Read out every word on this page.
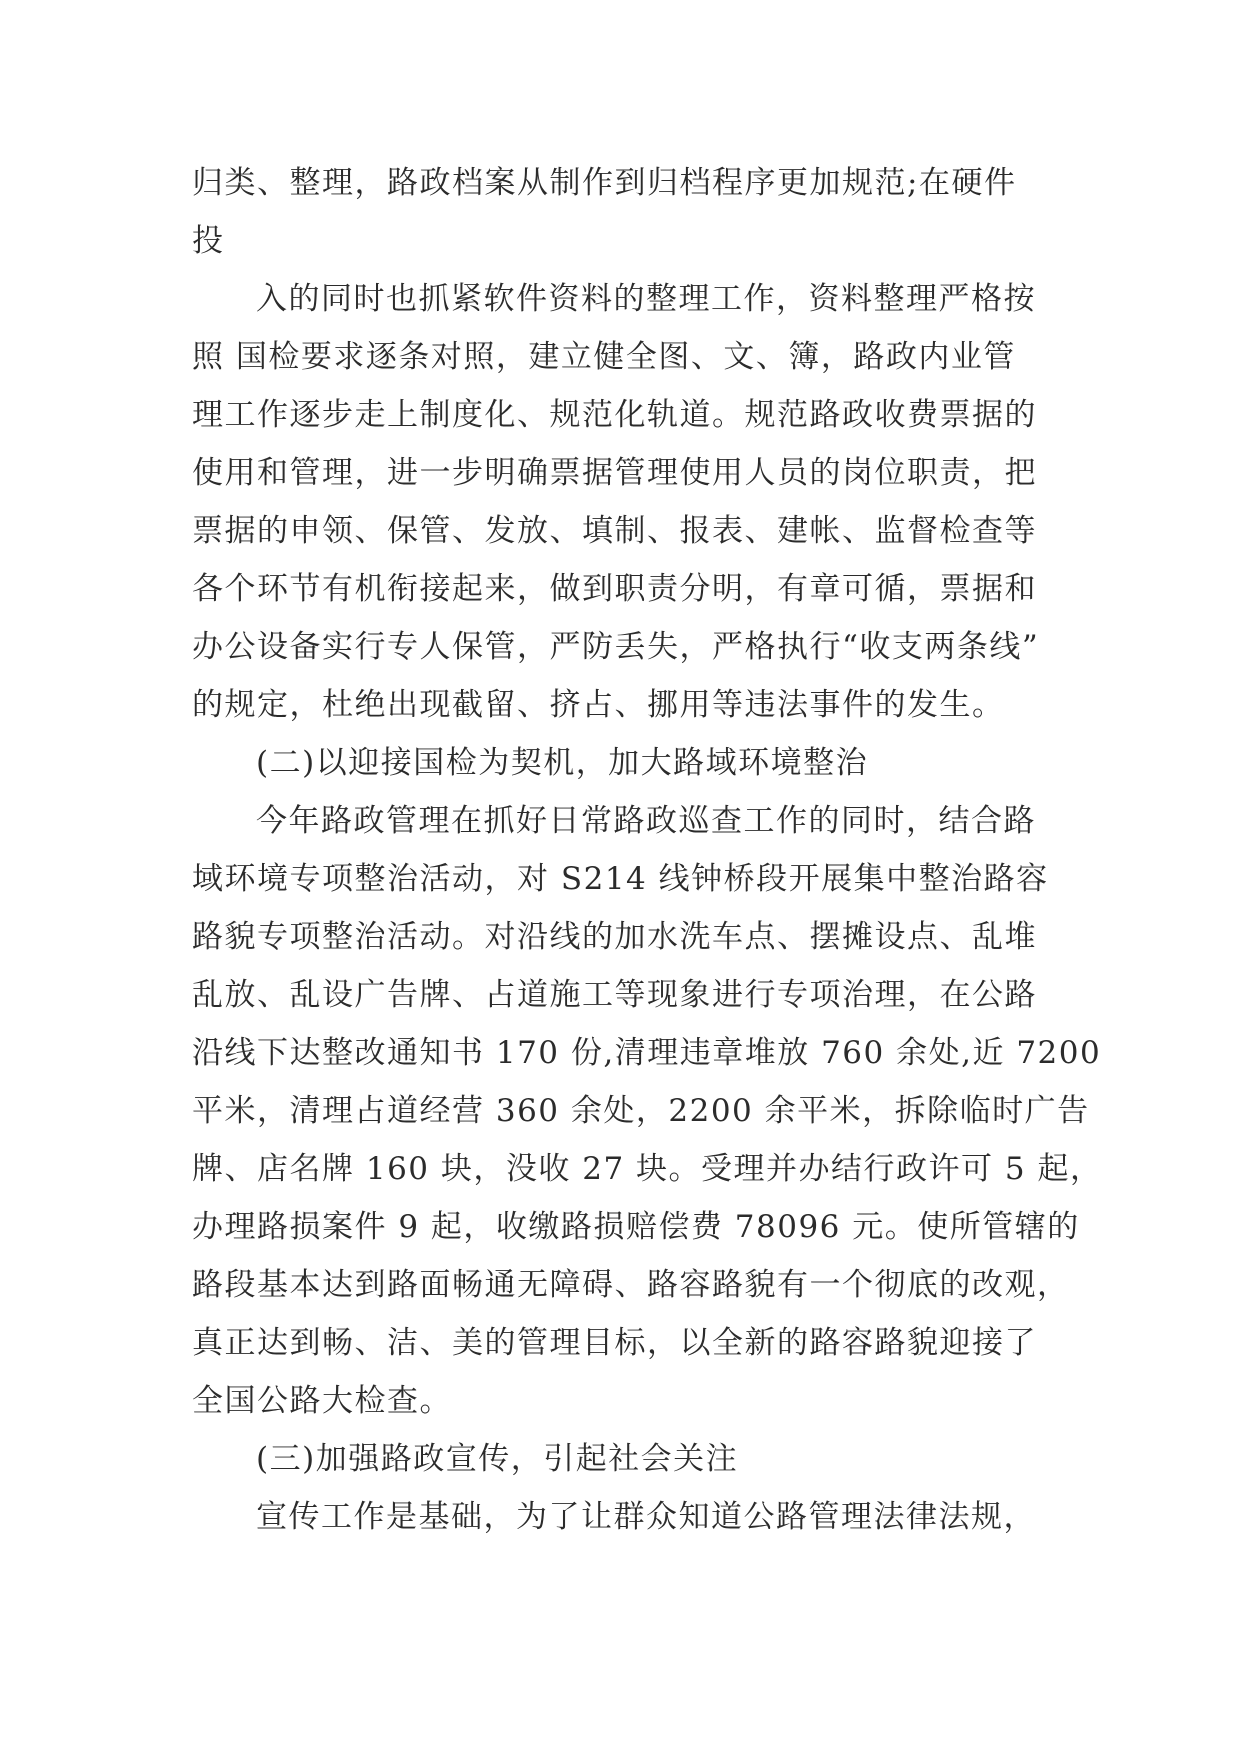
归类、整理，路政档案从制作到归档程序更加规范;在硬件
投
入的同时也抓紧软件资料的整理工作，资料整理严格按
照 国检要求逐条对照，建立健全图、文、簿，路政内业管
理工作逐步走上制度化、规范化轨道。规范路政收费票据的
使用和管理，进一步明确票据管理使用人员的岗位职责，把
票据的申领、保管、发放、填制、报表、建帐、监督检查等
各个环节有机衔接起来，做到职责分明，有章可循，票据和
办公设备实行专人保管，严防丢失，严格执行“收支两条线”
的规定，杜绝出现截留、挤占、挪用等违法事件的发生。
(二)以迎接国检为契机，加大路域环境整治
今年路政管理在抓好日常路政巡查工作的同时，结合路
域环境专项整治活动，对 S214 线钟桥段开展集中整治路容
路貌专项整治活动。对沿线的加水洗车点、摆摊设点、乱堆
乱放、乱设广告牌、占道施工等现象进行专项治理，在公路
沿线下达整改通知书 170 份,清理违章堆放 760 余处,近 7200
平米，清理占道经营 360 余处，2200 余平米，拆除临时广告
牌、店名牌 160 块，没收 27 块。受理并办结行政许可 5 起，
办理路损案件 9 起，收缴路损赔偿费 78096 元。使所管辖的
路段基本达到路面畅通无障碍、路容路貌有一个彻底的改观，
真正达到畅、洁、美的管理目标，以全新的路容路貌迎接了
全国公路大检查。
(三)加强路政宣传，引起社会关注
宣传工作是基础，为了让群众知道公路管理法律法规，
